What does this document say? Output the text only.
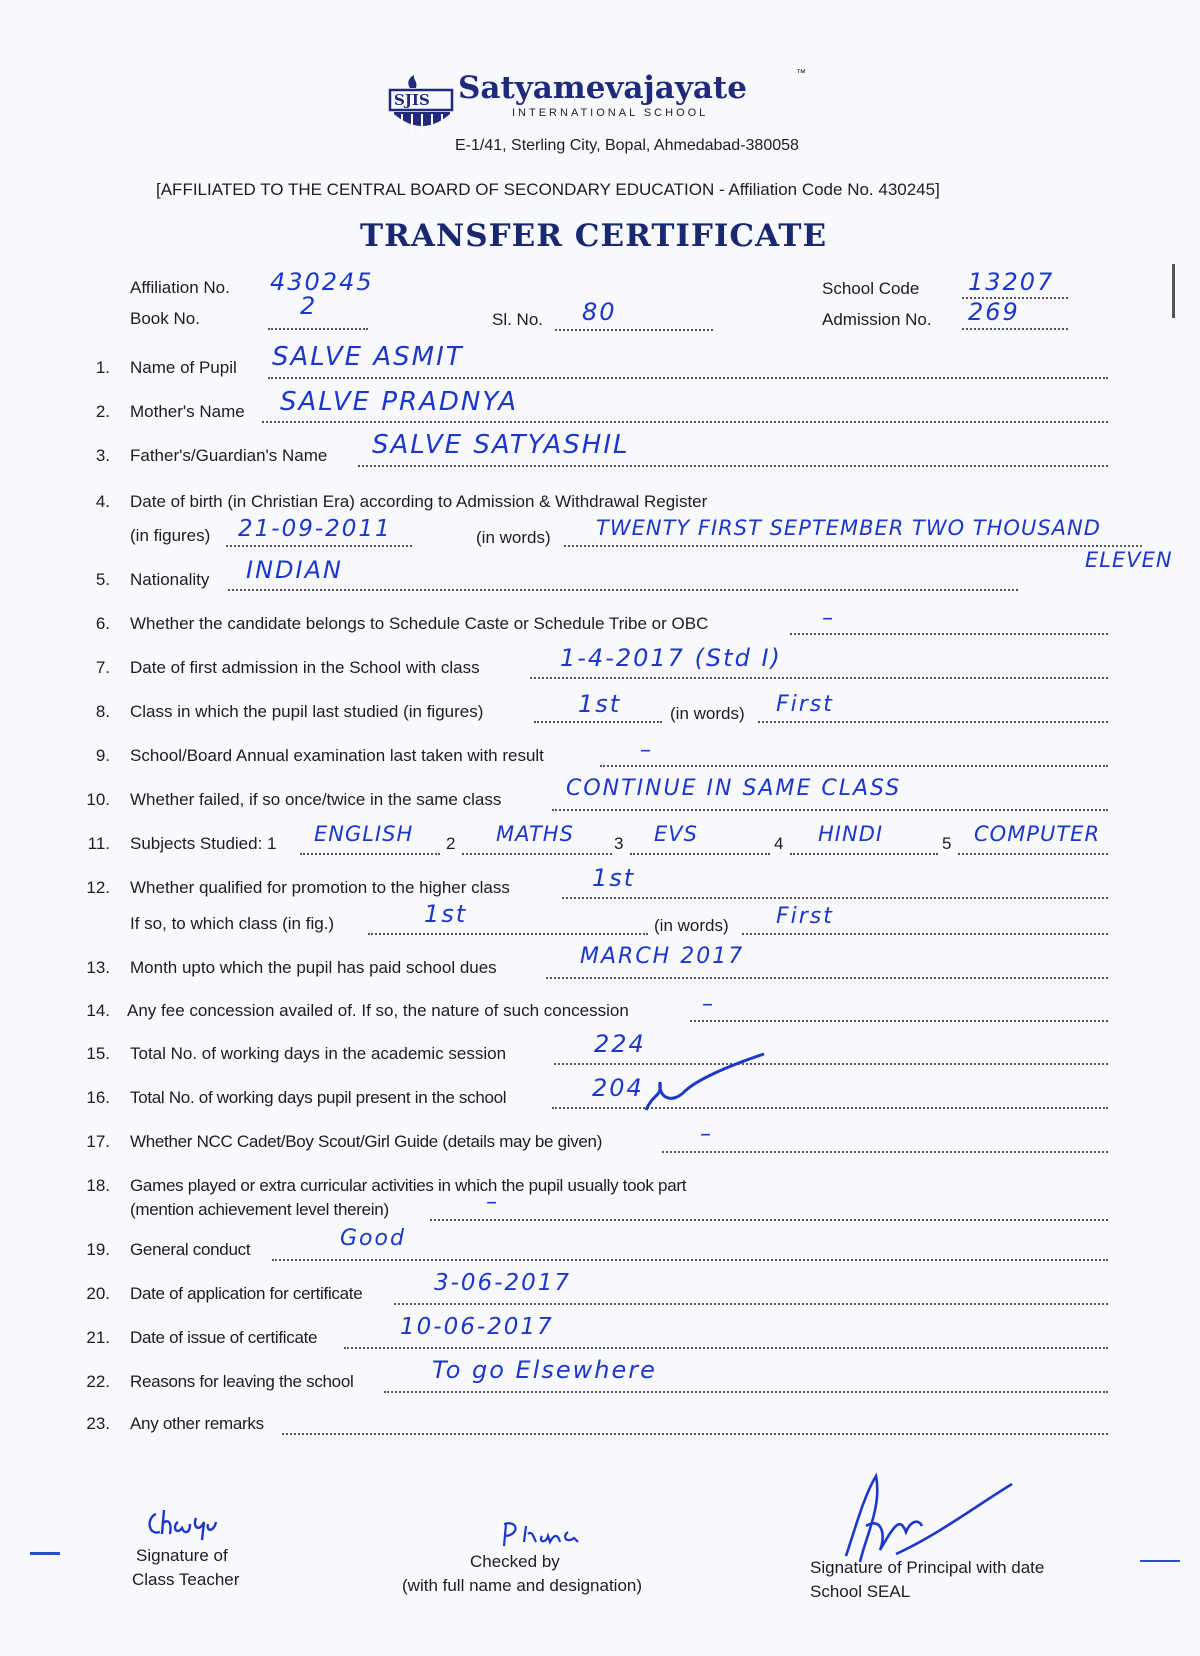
SJIS Satyamevajayate	™
INTERNATIONAL SCHOOL
E-1/41, Sterling City, Bopal, Ahmedabad-380058
[AFFILIATED TO THE CENTRAL BOARD OF SECONDARY EDUCATION - Affiliation Code No. 430245]
TRANSFER CERTIFICATE
Affiliation No. 430245
Book No.	2	Sl. No. 80
School Code 13207
Admission No. 269
1. Name of Pupil SALVE ASMIT
2. Mother's Name SALVE PRADNYA
3. Father's/Guardian's Name SALVE SATYASHIL
4. Date of birth (in Christian Era) according to Admission & Withdrawal Register
(in figures) 21-09-2011	(in words) TWENTY FIRST SEPTEMBER TWO THOUSAND
ELEVEN
5. Nationality INDIAN
6. Whether the candidate belongs to Schedule Caste or Schedule Tribe or OBC	–
7. Date of first admission in the School with class	1-4-2017 (Std I)
8. Class in which the pupil last studied (in figures)	1st	(in words) First
9. School/Board Annual examination last taken with result	–
10. Whether failed, if so once/twice in the same class	CONTINUE IN SAME CLASS
11. Subjects Studied: 1 ENGLISH 2 MATHS 3 EVS	4 HINDI	5 COMPUTER
12. Whether qualified for promotion to the higher class	1st
If so, to which class (in fig.)	1st	(in words) First
13. Month upto which the pupil has paid school dues	MARCH 2017
14. Any fee concession availed of. If so, the nature of such concession	–
15. Total No. of working days in the academic session	224
16. Total No. of working days pupil present in the school	204
17. Whether NCC Cadet/Boy Scout/Girl Guide (details may be given)	–
18. Games played or extra curricular activities in which the pupil usually took part
(mention achievement level therein)	–
19. General conduct	Good
20. Date of application for certificate	3-06-2017
21. Date of issue of certificate	10-06-2017
22. Reasons for leaving the school	To go Elsewhere
23. Any other remarks
Signature of
Class Teacher
Checked by
(with full name and designation)
Signature of Principal with date
School SEAL
